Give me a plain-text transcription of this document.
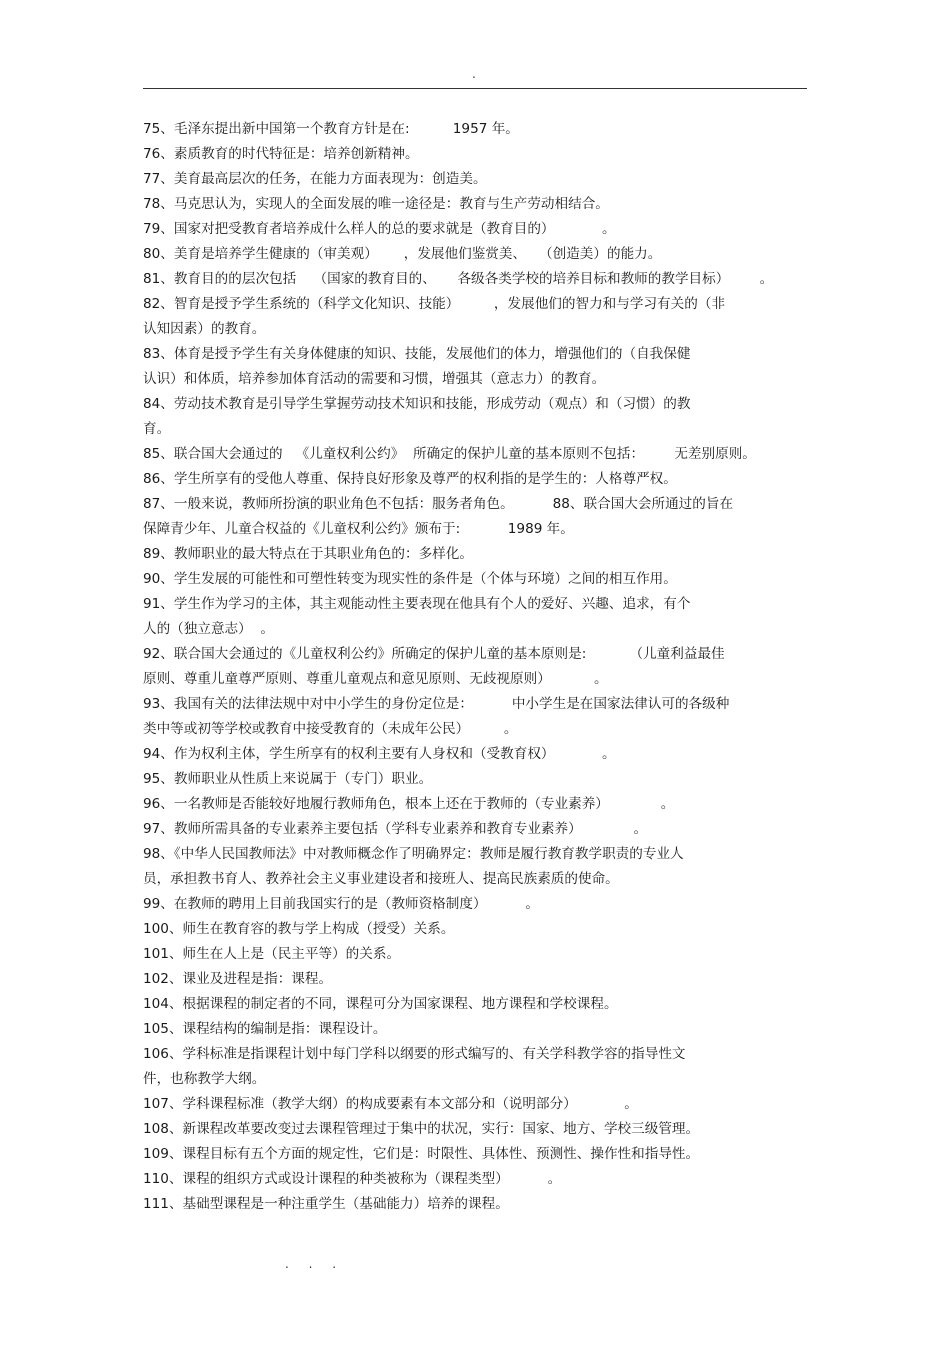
.
75、毛泽东提出新中国第一个教育方针是在:          1957 年。
76、素质教育的时代特征是：培养创新精神。
77、美育最高层次的任务，在能力方面表现为：创造美。
78、马克思认为，实现人的全面发展的唯一途径是：教育与生产劳动相结合。
79、国家对把受教育者培养成什么样人的总的要求就是（教育目的）           。
80、美育是培养学生健康的（审美观）      ，发展他们鉴赏美、   （创造美）的能力。
81、教育目的的层次包括    （国家的教育目的、     各级各类学校的培养目标和教师的教学目标）       。
82、智育是授予学生系统的（科学文化知识、技能）        ，发展他们的智力和与学习有关的（非
认知因素）的教育。
83、体育是授予学生有关身体健康的知识、技能，发展他们的体力，增强他们的（自我保健
认识）和体质，培养参加体育活动的需要和习惯，增强其（意志力）的教育。
84、劳动技术教育是引导学生掌握劳动技术知识和技能，形成劳动（观点）和（习惯）的教
育。
85、联合国大会通过的   《儿童权利公约》  所确定的保护儿童的基本原则不包括：       无差别原则。
86、学生所享有的受他人尊重、保持良好形象及尊严的权利指的是学生的：人格尊严权。
87、一般来说，教师所扮演的职业角色不包括：服务者角色。         88、联合国大会所通过的旨在
保障青少年、儿童合权益的《儿童权利公约》颁布于:           1989 年。
89、教师职业的最大特点在于其职业角色的：多样化。
90、学生发展的可能性和可塑性转变为现实性的条件是（个体与环境）之间的相互作用。
91、学生作为学习的主体，其主观能动性主要表现在他具有个人的爱好、兴趣、追求，有个
人的（独立意志）  。
92、联合国大会通过的《儿童权利公约》所确定的保护儿童的基本原则是:          （儿童利益最佳
原则、尊重儿童尊严原则、尊重儿童观点和意见原则、无歧视原则）          。
93、我国有关的法律法规中对中小学生的身份定位是：         中小学生是在国家法律认可的各级种
类中等或初等学校或教育中接受教育的（未成年公民）        。
94、作为权利主体，学生所享有的权利主要有人身权和（受教育权）           。
95、教师职业从性质上来说属于（专门）职业。
96、一名教师是否能较好地履行教师角色，根本上还在于教师的（专业素养）            。
97、教师所需具备的专业素养主要包括（学科专业素养和教育专业素养）            。
98、《中华人民国教师法》中对教师概念作了明确界定：教师是履行教育教学职责的专业人
员，承担教书育人、教养社会主义事业建设者和接班人、提高民族素质的使命。
99、在教师的聘用上目前我国实行的是（教师资格制度）         。
100、师生在教育容的教与学上构成（授受）关系。
101、师生在人上是（民主平等）的关系。
102、课业及进程是指：课程。
104、根据课程的制定者的不同，课程可分为国家课程、地方课程和学校课程。
105、课程结构的编制是指：课程设计。
106、学科标准是指课程计划中每门学科以纲要的形式编写的、有关学科教学容的指导性文
件，也称教学大纲。
107、学科课程标准（教学大纲）的构成要素有本文部分和（说明部分）           。
108、新课程改革要改变过去课程管理过于集中的状况，实行：国家、地方、学校三级管理。
109、课程目标有五个方面的规定性，它们是：时限性、具体性、预测性、操作性和指导性。
110、课程的组织方式或设计课程的种类被称为（课程类型）         。
111、基础型课程是一种注重学生（基础能力）培养的课程。
. . .
